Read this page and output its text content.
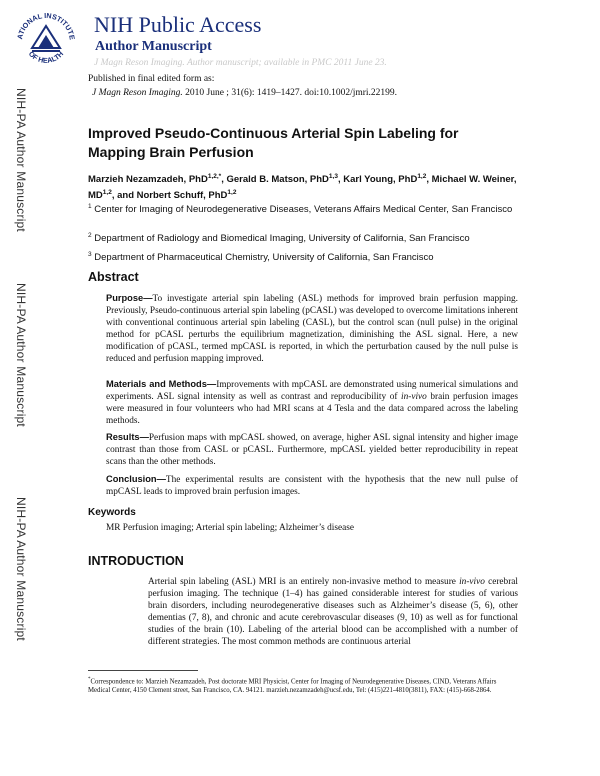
ATIONAL INSTITUTE
OF HEALTH
NIH Public Access
Author Manuscript
J Magn Reson Imaging. Author manuscript; available in PMC 2011 June 23.
Published in final edited form as:
J Magn Reson Imaging. 2010 June ; 31(6): 1419–1427. doi:10.1002/jmri.22199.
NIH-PA Author Manuscript
NIH-PA Author Manuscript
NIH-PA Author Manuscript
Improved Pseudo-Continuous Arterial Spin Labeling for Mapping Brain Perfusion
Marzieh Nezamzadeh, PhD$^{1,2,*}$, Gerald B. Matson, PhD$^{1,3}$, Karl Young, PhD$^{1,2}$, Michael W. Weiner, MD$^{1,2}$, and Norbert Schuff, PhD$^{1,2}$
$^1$ Center for Imaging of Neurodegenerative Diseases, Veterans Affairs Medical Center, San Francisco
$^2$ Department of Radiology and Biomedical Imaging, University of California, San Francisco
$^3$ Department of Pharmaceutical Chemistry, University of California, San Francisco
Abstract
Purpose—To investigate arterial spin labeling (ASL) methods for improved brain perfusion mapping. Previously, Pseudo-continuous arterial spin labeling (pCASL) was developed to overcome limitations inherent with conventional continuous arterial spin labeling (CASL), but the control scan (null pulse) in the original method for pCASL perturbs the equilibrium magnetization, diminishing the ASL signal. Here, a new modification of pCASL, termed mpCASL is reported, in which the perturbation caused by the null pulse is reduced and perfusion mapping improved.
Materials and Methods—Improvements with mpCASL are demonstrated using numerical simulations and experiments. ASL signal intensity as well as contrast and reproducibility of in-vivo brain perfusion images were measured in four volunteers who had MRI scans at 4 Tesla and the data compared across the labeling methods.
Results—Perfusion maps with mpCASL showed, on average, higher ASL signal intensity and higher image contrast than those from CASL or pCASL. Furthermore, mpCASL yielded better reproducibility in repeat scans than the other methods.
Conclusion—The experimental results are consistent with the hypothesis that the new null pulse of mpCASL leads to improved brain perfusion images.
Keywords
MR Perfusion imaging; Arterial spin labeling; Alzheimer’s disease
INTRODUCTION
Arterial spin labeling (ASL) MRI is an entirely non-invasive method to measure in-vivo cerebral perfusion imaging. The technique (1–4) has gained considerable interest for studies of various brain disorders, including neurodegenerative diseases such as Alzheimer’s disease (5, 6), other dementias (7, 8), and chronic and acute cerebrovascular diseases (9, 10) as well as for functional studies of the brain (10). Labeling of the arterial blood can be accomplished with a number of different strategies. The most common methods are continuous arterial
*Correspondence to: Marzieh Nezamzadeh, Post doctorate MRI Physicist, Center for Imaging of Neurodegenerative Diseases, CIND, Veterans Affairs Medical Center, 4150 Clement street, San Francisco, CA. 94121. marzieh.nezamzadeh@ucsf.edu, Tel: (415)221-4810(3811), FAX: (415)-668-2864.
